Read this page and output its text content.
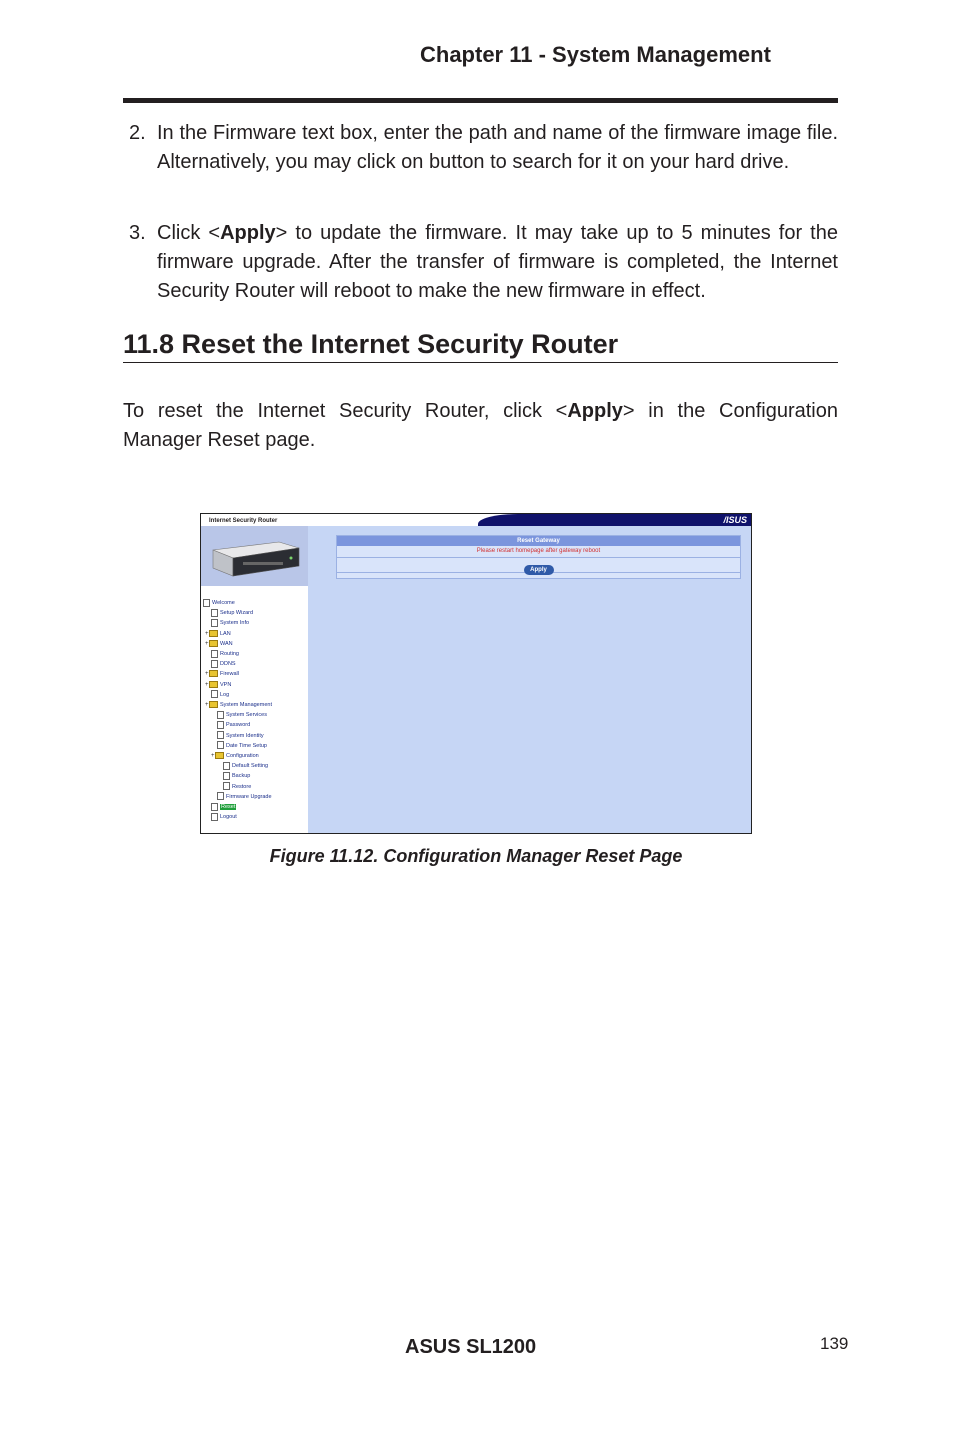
Chapter 11 - System Management
2. In the Firmware text box, enter the path and name of the firmware image file. Alternatively, you may click on button to search for it on your hard drive.
3. Click <Apply> to update the firmware. It may take up to 5 minutes for the firmware upgrade. After the transfer of firmware is completed, the Internet Security Router will reboot to make the new firmware in effect.
11.8 Reset the Internet Security Router
To reset the Internet Security Router, click <Apply> in the Configuration Manager Reset page.
Internet Security Router
Welcome
Setup Wizard
System Info
+ LAN
+ WAN
Routing
DDNS
+ Firewall
+ VPN
Log
+ System Management
System Services
Password
System Identity
Date Time Setup
+ Configuration
Default Setting
Backup
Restore
Firmware Upgrade
Reset
Logout
/ISUS
Reset Gateway
Please restart homepage after gateway reboot
Apply
Figure 11.12. Configuration Manager Reset Page
ASUS SL1200	139
